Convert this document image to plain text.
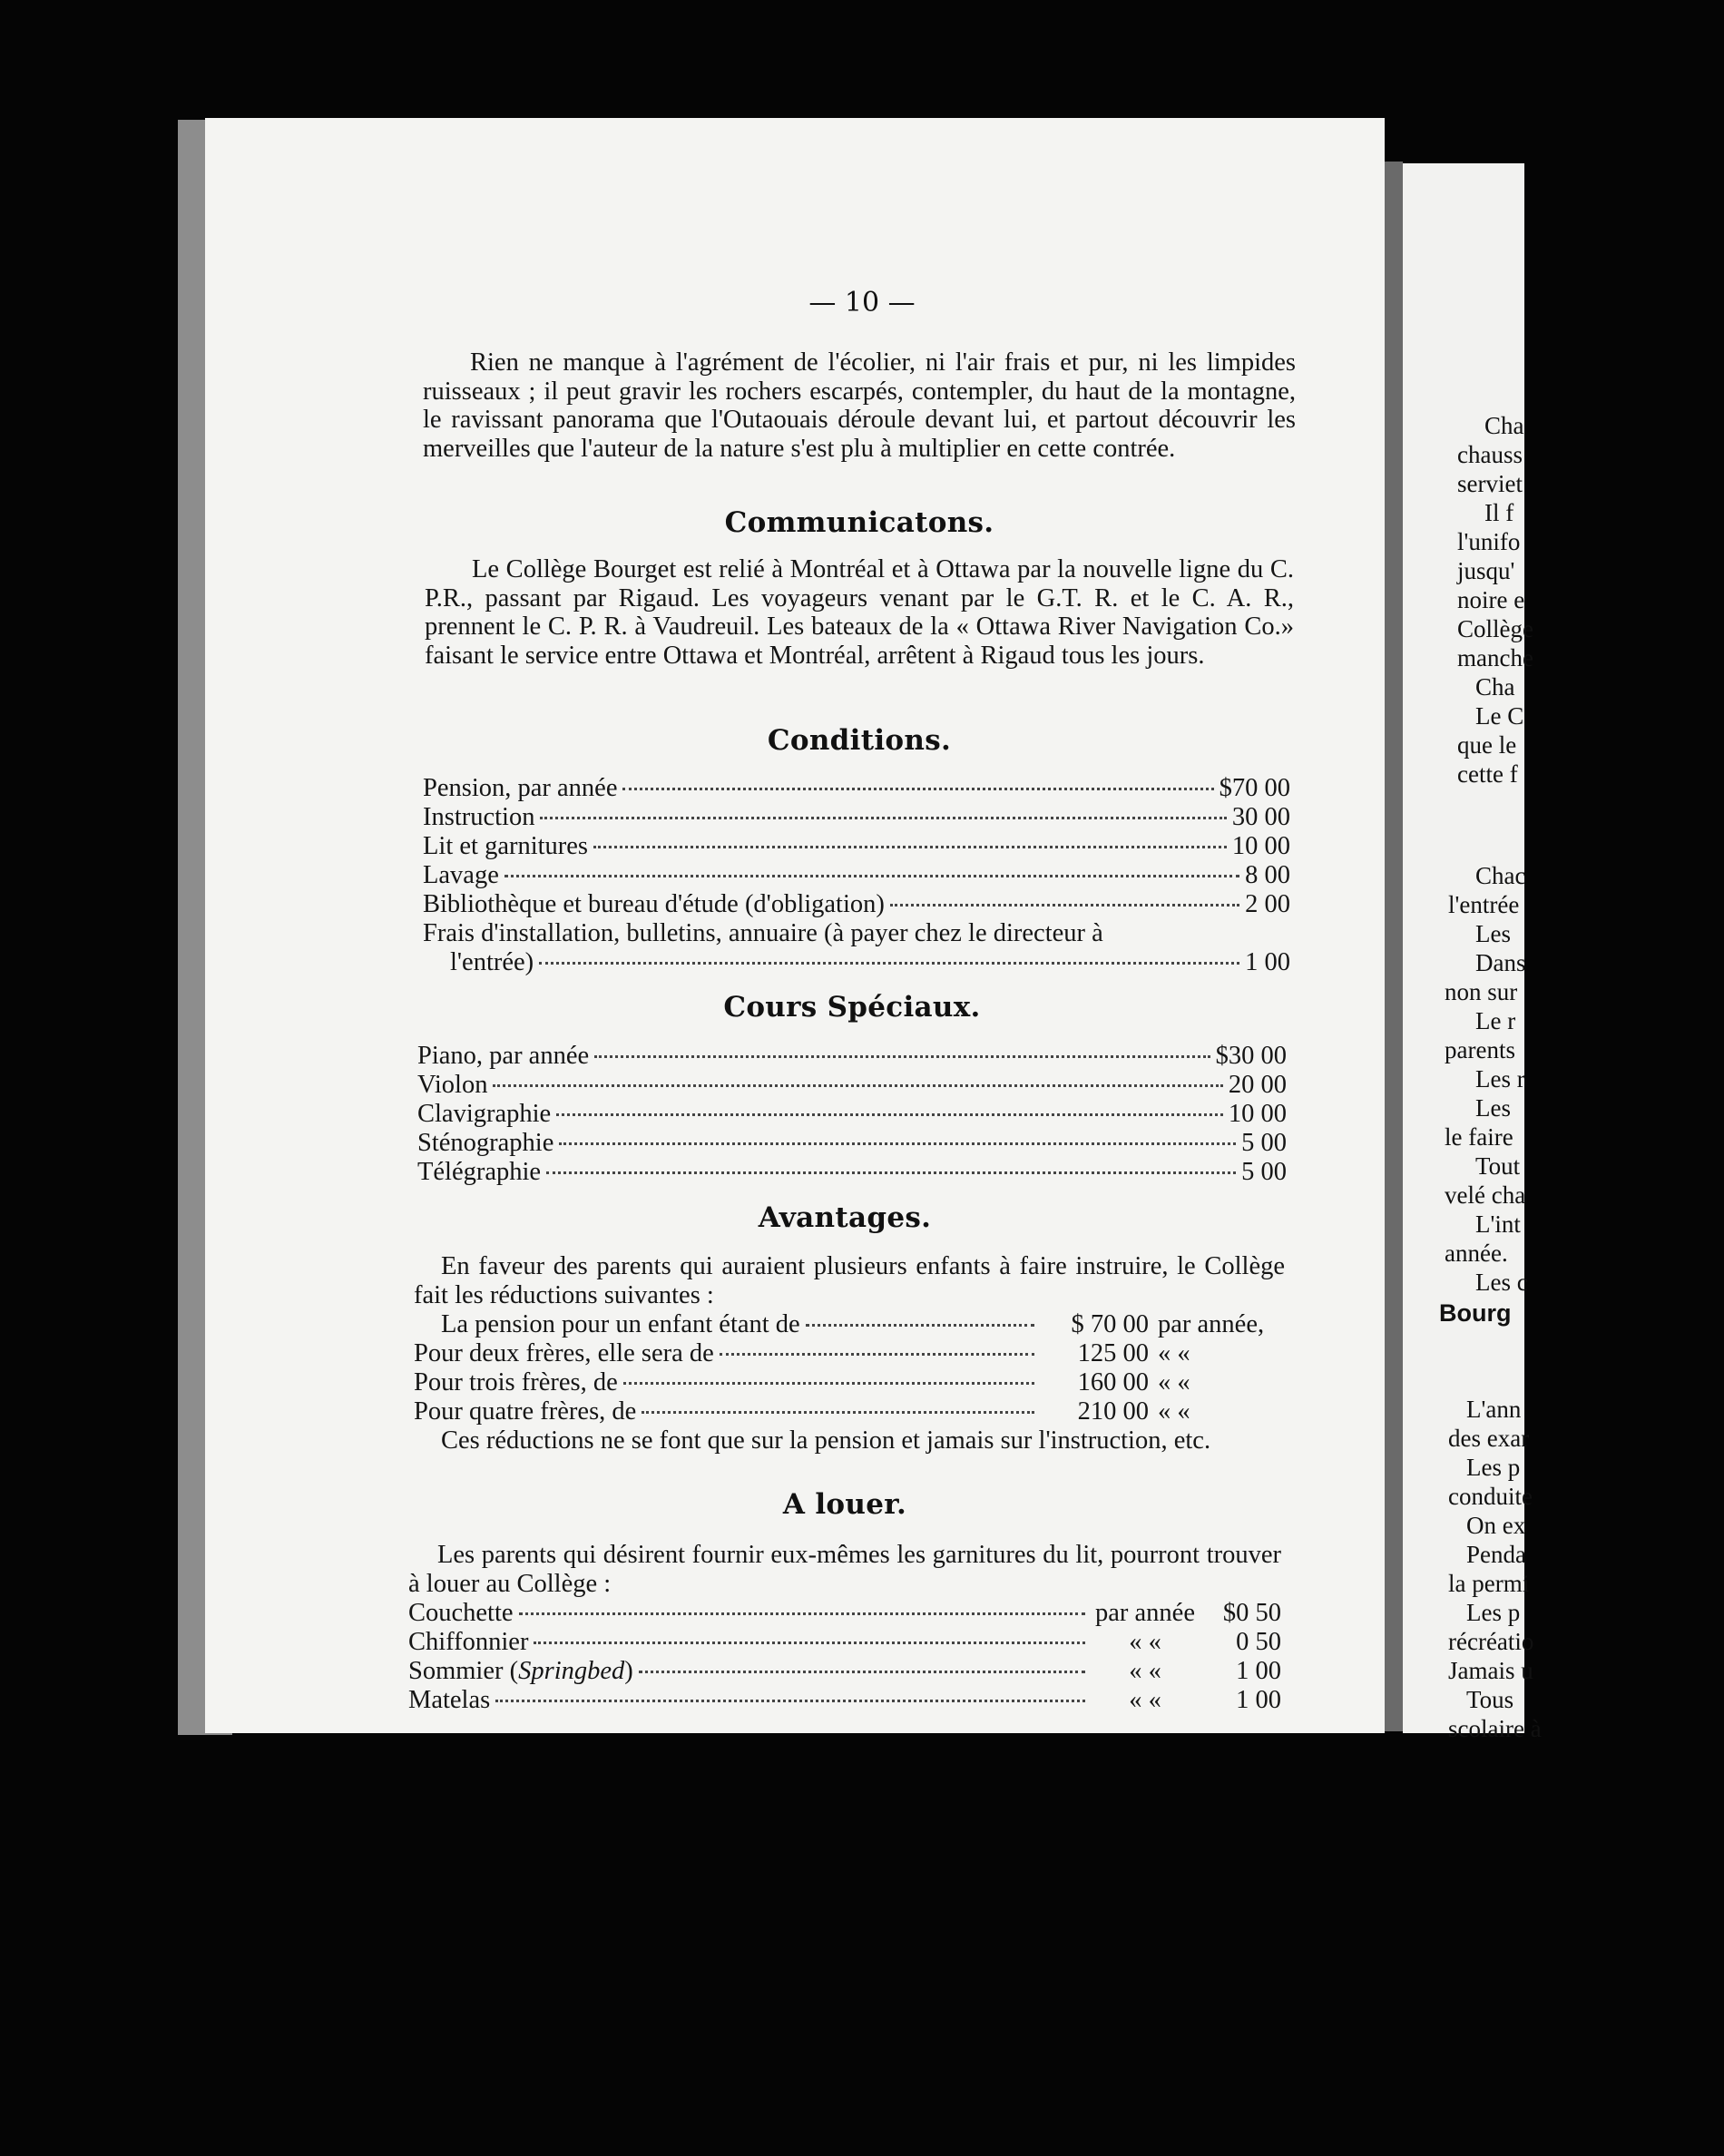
Cha
chauss
serviet
Il f
l'unifo
jusqu'
noire e
Collège
manche
Cha
Le C
que le
cette f
Chac
l'entrée
Les
Dans
non sur
Le r
parents
Les r
Les
le faire
Tout
velé cha
L'int
année.
Les c
Bourg
L'ann
des exar
Les p
conduite
On ex
Penda
la permi
Les p
récréatio
Jamais u
Tous
scolaire à
— 10 —
Rien ne manque à l'agrément de l'écolier, ni l'air frais et pur, ni les limpides ruisseaux ; il peut gravir les rochers escarpés, contempler, du haut de la montagne, le ravissant panorama que l'Outaouais déroule devant lui, et partout découvrir les merveilles que l'auteur de la nature s'est plu à multiplier en cette contrée.
Communicatons.
Le Collège Bourget est relié à Montréal et à Ottawa par la nouvelle ligne du C. P.R., passant par Rigaud. Les voyageurs venant par le G.T. R. et le C. A. R., prennent le C. P. R. à Vaudreuil. Les bateaux de la « Ottawa River Navigation Co.» faisant le service entre Ottawa et Montréal, arrêtent à Rigaud tous les jours.
Conditions.
Pension, par année	$70 00
Instruction	30 00
Lit et garnitures	10 00
Lavage	8 00
Bibliothèque et bureau d'étude (d'obligation)	2 00
Frais d'installation, bulletins, annuaire (à payer chez le directeur à
l'entrée)	1 00
Cours Spéciaux.
Piano, par année	$30 00
Violon	20 00
Clavigraphie	10 00
Sténographie	5 00
Télégraphie	5 00
Avantages.
En faveur des parents qui auraient plusieurs enfants à faire instruire, le Collège fait les réductions suivantes :
La pension pour un enfant étant de	$ 70 00 par année,
Pour deux frères, elle sera de	125 00 « «
Pour trois frères, de	160 00 « «
Pour quatre frères, de	210 00 « «
Ces réductions ne se font que sur la pension et jamais sur l'instruction, etc.
A louer.
Les parents qui désirent fournir eux-mêmes les garnitures du lit, pourront trouver à louer au Collège :
Couchette	par année	$0 50
Chiffonnier	« «	0 50
Sommier (Springbed)	« «	1 00
Matelas	« «	1 00
